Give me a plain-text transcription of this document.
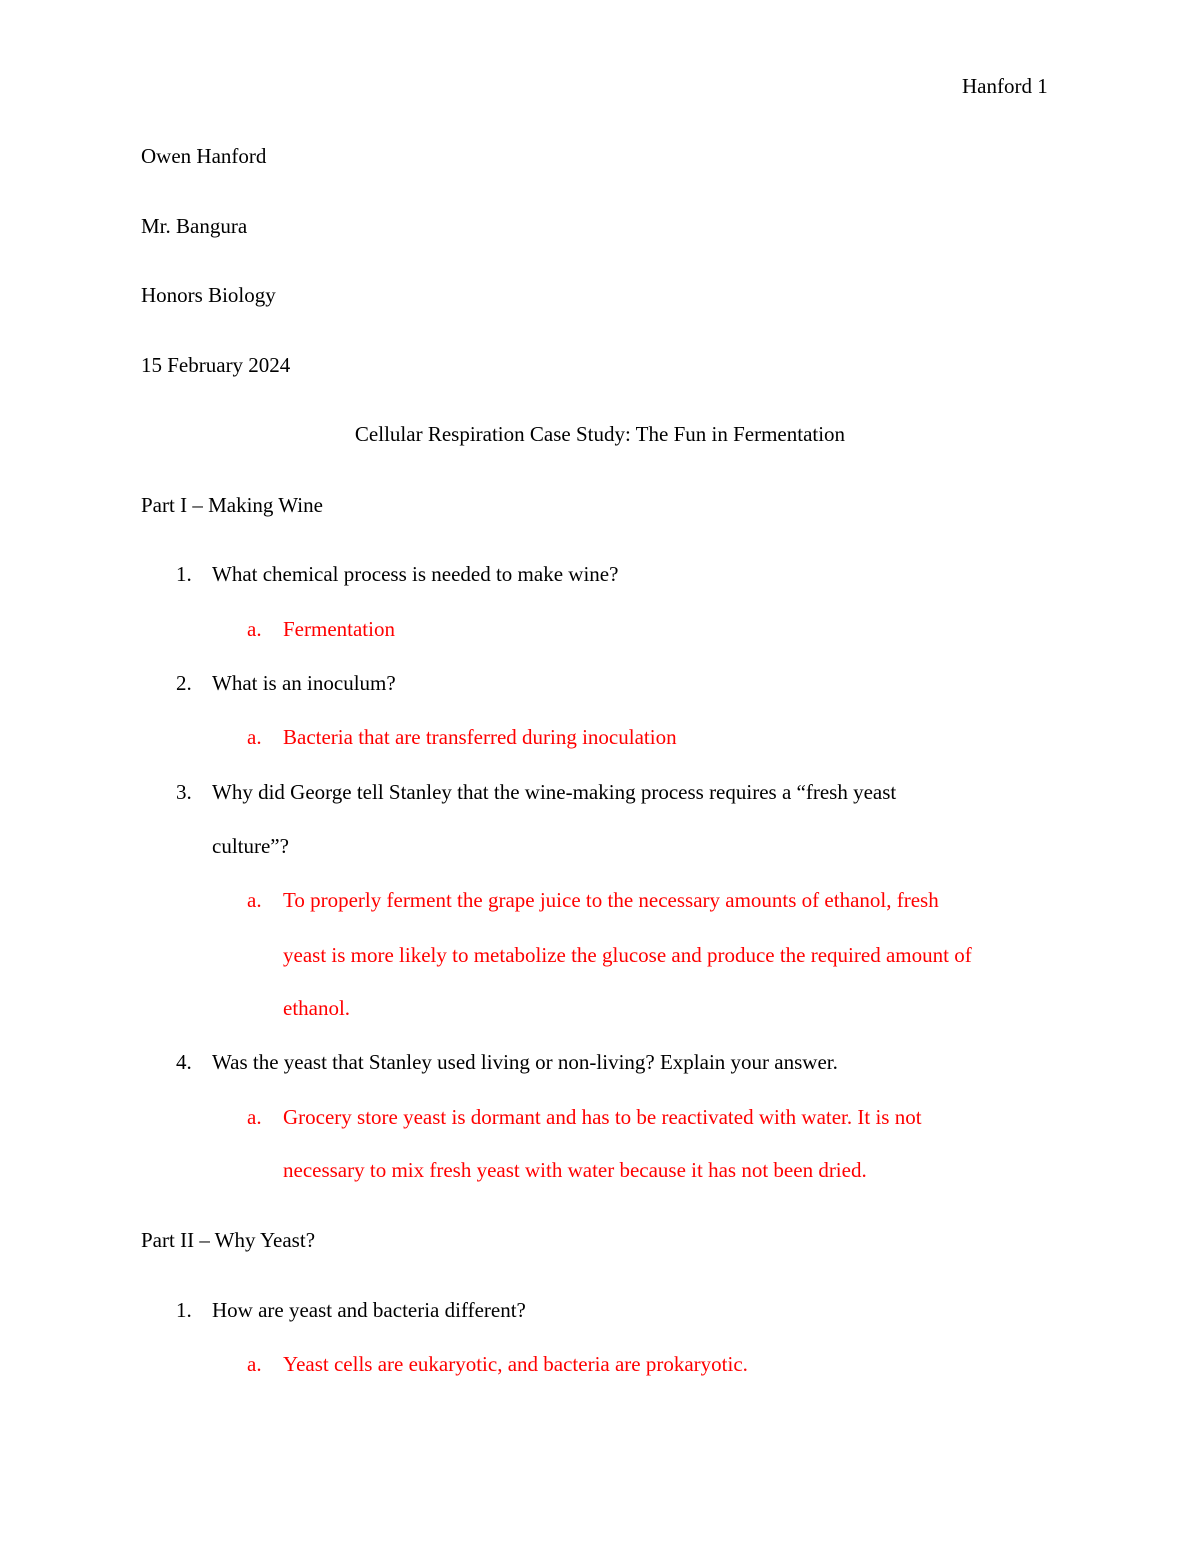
Hanford 1
Owen Hanford
Mr. Bangura
Honors Biology
15 February 2024
Cellular Respiration Case Study: The Fun in Fermentation
Part I – Making Wine
1. What chemical process is needed to make wine?
a. Fermentation
2. What is an inoculum?
a. Bacteria that are transferred during inoculation
3. Why did George tell Stanley that the wine-making process requires a “fresh yeast
culture”?
a. To properly ferment the grape juice to the necessary amounts of ethanol, fresh
yeast is more likely to metabolize the glucose and produce the required amount of
ethanol.
4. Was the yeast that Stanley used living or non-living? Explain your answer.
a. Grocery store yeast is dormant and has to be reactivated with water. It is not
necessary to mix fresh yeast with water because it has not been dried.
Part II – Why Yeast?
1. How are yeast and bacteria different?
a. Yeast cells are eukaryotic, and bacteria are prokaryotic.
